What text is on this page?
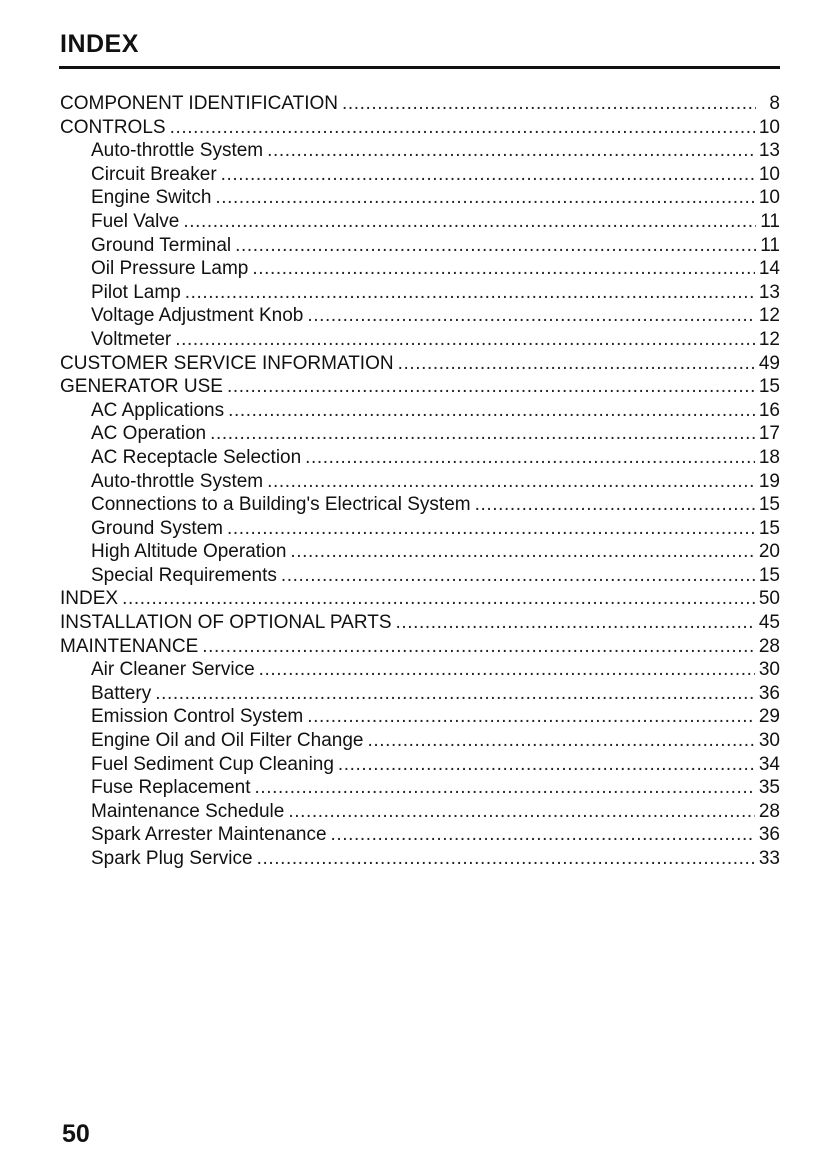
INDEX
COMPONENT IDENTIFICATION .....	8
CONTROLS .....	10
Auto-throttle System .....	13
Circuit Breaker .....	10
Engine Switch .....	10
Fuel Valve .....	11
Ground Terminal .....	11
Oil Pressure Lamp .....	14
Pilot Lamp .....	13
Voltage Adjustment Knob .....	12
Voltmeter .....	12
CUSTOMER SERVICE INFORMATION .....	49
GENERATOR USE .....	15
AC Applications .....	16
AC Operation .....	17
AC Receptacle Selection .....	18
Auto-throttle System .....	19
Connections to a Building's Electrical System .....	15
Ground System .....	15
High Altitude Operation .....	20
Special Requirements .....	15
INDEX .....	50
INSTALLATION OF OPTIONAL PARTS .....	45
MAINTENANCE .....	28
Air Cleaner Service .....	30
Battery .....	36
Emission Control System .....	29
Engine Oil and Oil Filter Change .....	30
Fuel Sediment Cup Cleaning .....	34
Fuse Replacement .....	35
Maintenance Schedule .....	28
Spark Arrester Maintenance .....	36
Spark Plug Service .....	33
50
